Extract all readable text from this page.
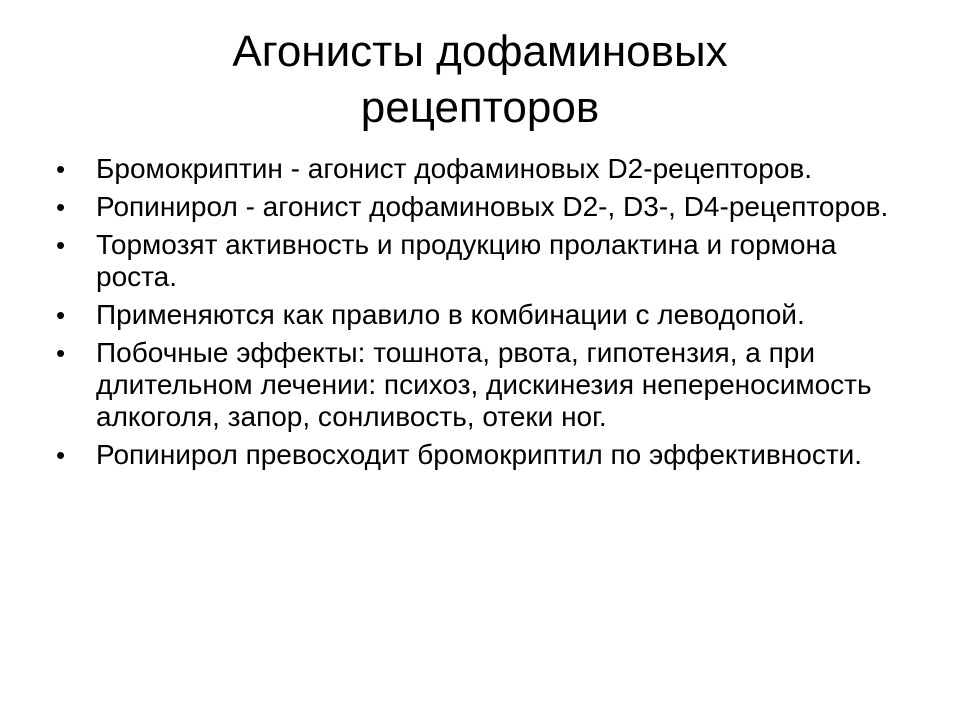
Агонисты дофаминовых
рецепторов
• Бромокриптин - агонист дофаминовых D2-рецепторов.
• Ропинирол - агонист дофаминовых D2-, D3-, D4-рецепторов.
• Тормозят активность и продукцию пролактина и гормона роста.
• Применяются как правило в комбинации с леводопой.
• Побочные эффекты: тошнота, рвота, гипотензия, а при длительном лечении: психоз, дискинезия непереносимость алкоголя, запор, сонливость, отеки ног.
• Ропинирол превосходит бромокриптил по эффективности.
